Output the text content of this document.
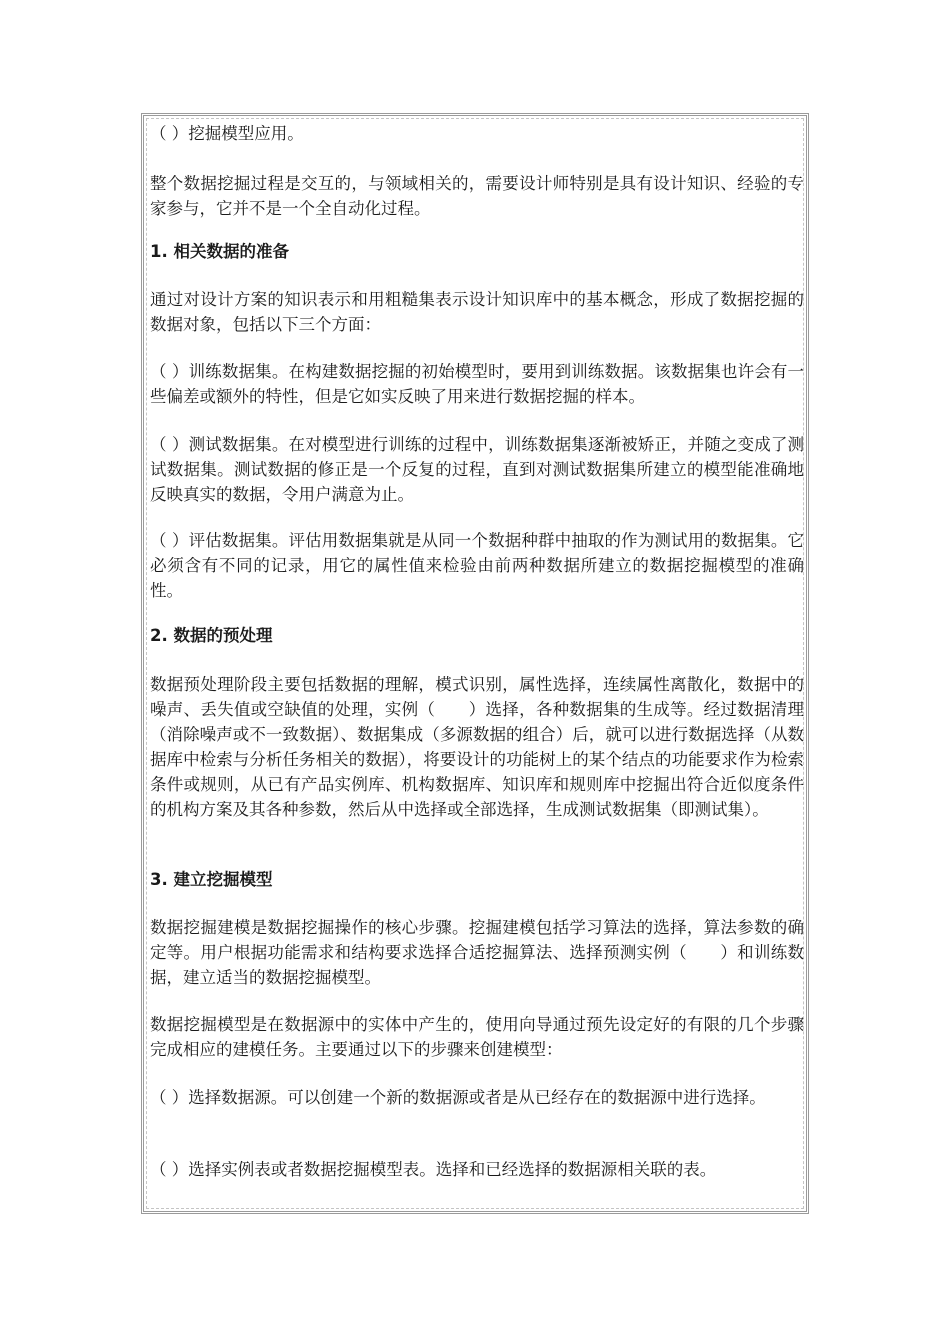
（ ）挖掘模型应用。

整个数据挖掘过程是交互的，与领域相关的，需要设计师特别是具有设计知识、经验的专家参与，它并不是一个全自动化过程。

1. 相关数据的准备

通过对设计方案的知识表示和用粗糙集表示设计知识库中的基本概念，形成了数据挖掘的数据对象，包括以下三个方面：

（ ）训练数据集。在构建数据挖掘的初始模型时，要用到训练数据。该数据集也许会有一些偏差或额外的特性，但是它如实反映了用来进行数据挖掘的样本。

（ ）测试数据集。在对模型进行训练的过程中，训练数据集逐渐被矫正，并随之变成了测试数据集。测试数据的修正是一个反复的过程，直到对测试数据集所建立的模型能准确地反映真实的数据，令用户满意为止。

（ ）评估数据集。评估用数据集就是从同一个数据种群中抽取的作为测试用的数据集。它必须含有不同的记录，用它的属性值来检验由前两种数据所建立的数据挖掘模型的准确性。

2. 数据的预处理

数据预处理阶段主要包括数据的理解，模式识别，属性选择，连续属性离散化，数据中的噪声、丢失值或空缺值的处理，实例（　　）选择，各种数据集的生成等。经过数据清理（消除噪声或不一致数据）、数据集成（多源数据的组合）后，就可以进行数据选择（从数据库中检索与分析任务相关的数据），将要设计的功能树上的某个结点的功能要求作为检索条件或规则，从已有产品实例库、机构数据库、知识库和规则库中挖掘出符合近似度条件的机构方案及其各种参数，然后从中选择或全部选择，生成测试数据集（即测试集）。

3. 建立挖掘模型

数据挖掘建模是数据挖掘操作的核心步骤。挖掘建模包括学习算法的选择，算法参数的确定等。用户根据功能需求和结构要求选择合适挖掘算法、选择预测实例（　　）和训练数据，建立适当的数据挖掘模型。

数据挖掘模型是在数据源中的实体中产生的，使用向导通过预先设定好的有限的几个步骤完成相应的建模任务。主要通过以下的步骤来创建模型：

（ ）选择数据源。可以创建一个新的数据源或者是从已经存在的数据源中进行选择。

（ ）选择实例表或者数据挖掘模型表。选择和已经选择的数据源相关联的表。
